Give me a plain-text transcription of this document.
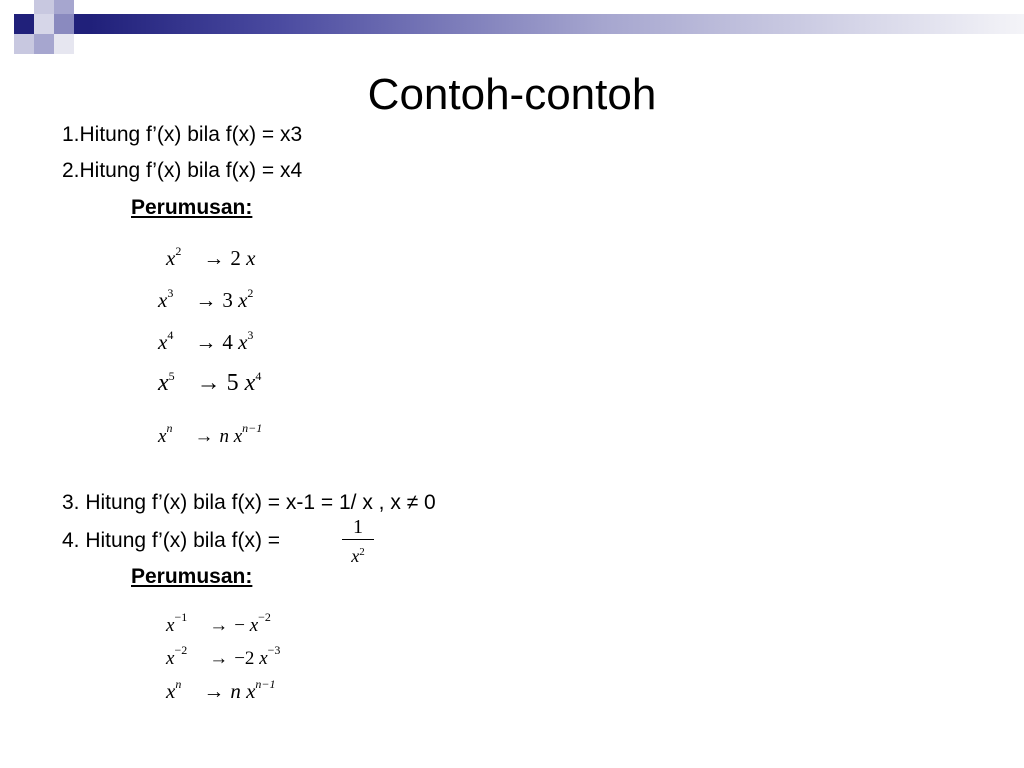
Contoh-contoh
1.Hitung f’(x) bila f(x) = x3
2.Hitung f’(x) bila f(x) = x4
Perumusan:
$x^2 \to 2$ x
$x^3 \to 3$ $x^2$
$x^4 \to 4$ $x^3$
$x^5 \to 5$ $x^4$
$x^n \to n$ $x^{n-1}$
3. Hitung f’(x) bila f(x) = x-1 = 1/ x , x ≠ 0
4. Hitung f’(x) bila f(x) =
1
$x^2$
Perumusan:
$x^{-1}$ → − $x^{-2}$
$x^{-2} \to -2$ $x^{-3}$
$x^n \to n$ $x^{n-1}$
